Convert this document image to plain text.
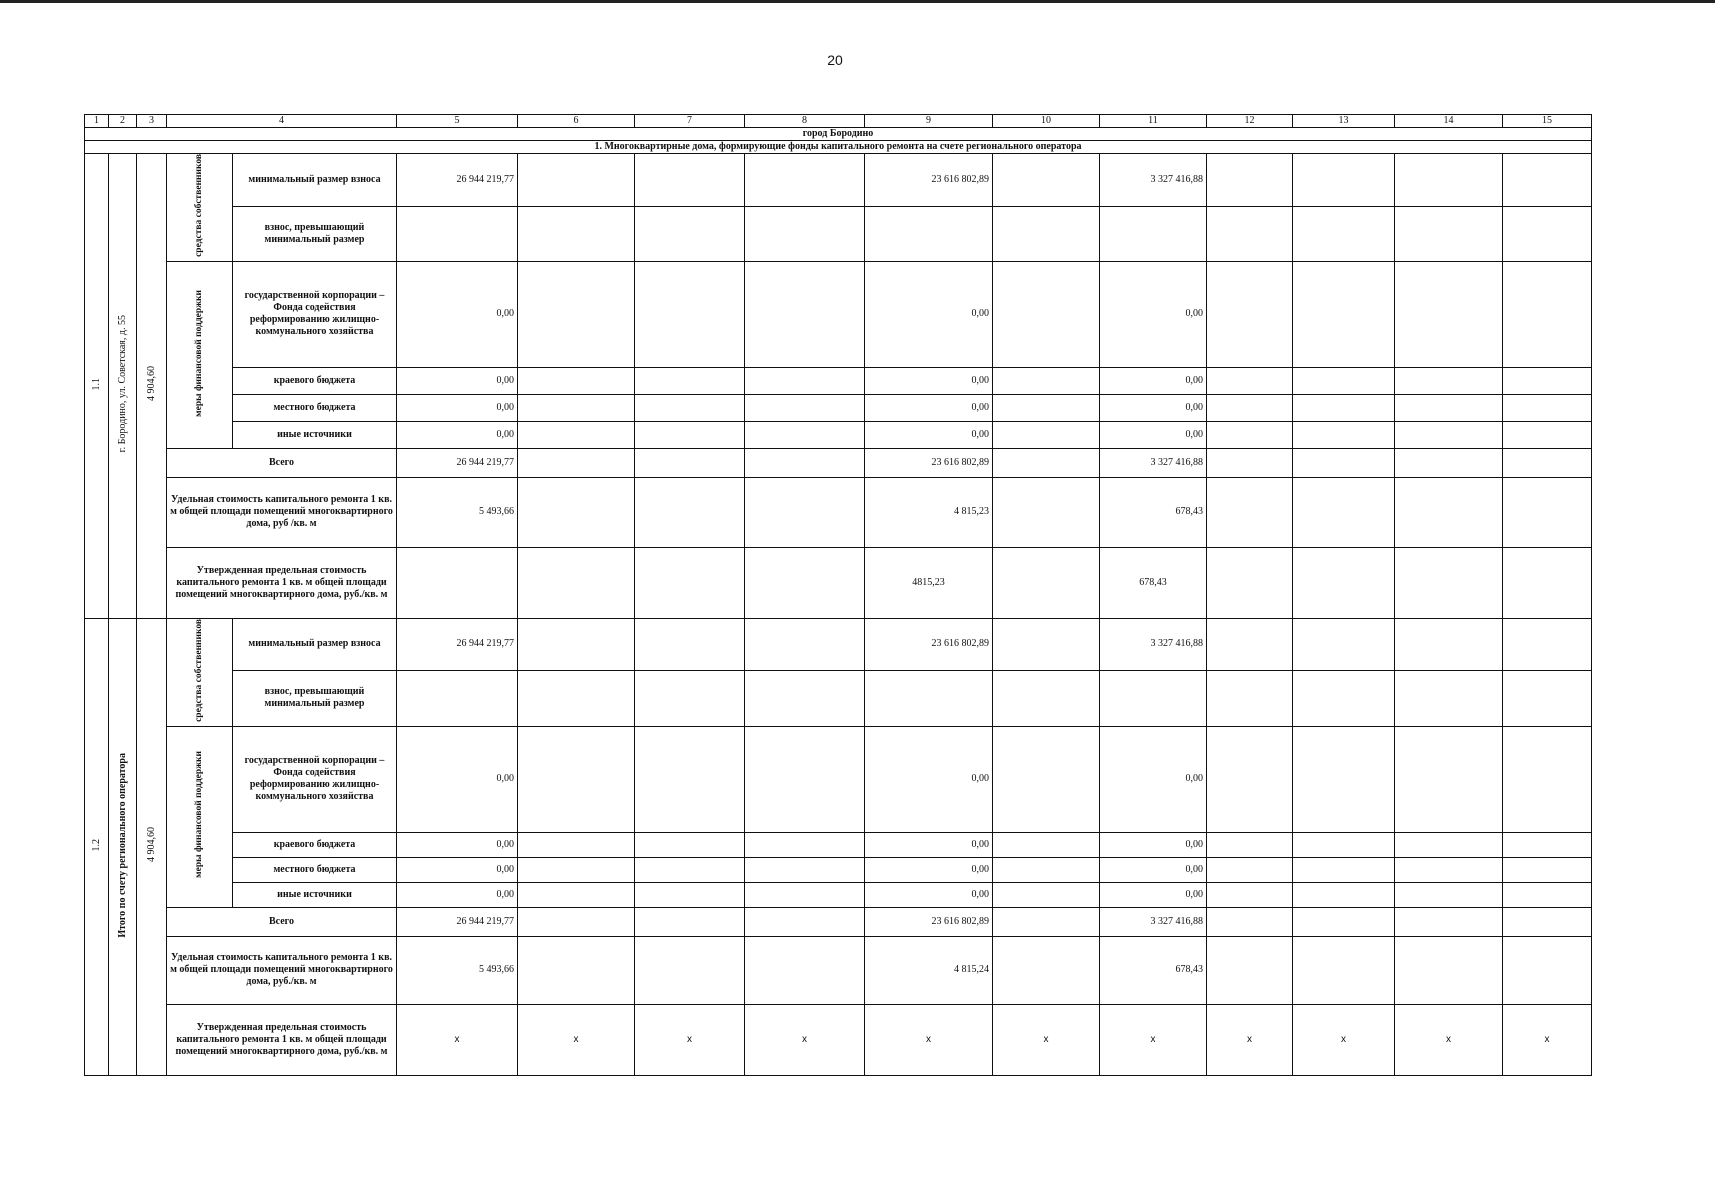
20
1	2	3	4		5	6	7	8	9	10	11	12	13	14	15
город Бородино															
1. Многоквартирные дома, формирующие фонды капитального ремонта на счете регионального оператора															
1.1	г. Бородино, ул. Советская, д. 55	4 904,60	средства собственников	минимальный размер взноса	26 944 219,77				23 616 802,89		3 327 416,88				
				взнос, превышающий минимальный размер											
			меры финансовой поддержки	государственной корпорации – Фонда содействия реформированию жилищно-коммунального хозяйства	0,00				0,00		0,00				
				краевого бюджета	0,00				0,00		0,00				
				местного бюджета	0,00				0,00		0,00				
				иные источники	0,00				0,00		0,00				
			Всего		26 944 219,77				23 616 802,89		3 327 416,88				
			Удельная стоимость капитального ремонта 1 кв. м общей площади помещений многоквартирного дома, руб /кв. м		5 493,66				4 815,23		678,43				
			Утвержденная предельная стоимость капитального ремонта 1 кв. м общей площади помещений многоквартирного дома, руб./кв. м						4815,23		678,43				
1.2	Итого по счету регионального оператора	4 904,60	средства собственников	минимальный размер взноса	26 944 219,77				23 616 802,89		3 327 416,88				
				взнос, превышающий минимальный размер											
			меры финансовой поддержки	государственной корпорации – Фонда содействия реформированию жилищно-коммунального хозяйства	0,00				0,00		0,00				
				краевого бюджета	0,00				0,00		0,00				
				местного бюджета	0,00				0,00		0,00				
				иные источники	0,00				0,00		0,00				
			Всего		26 944 219,77				23 616 802,89		3 327 416,88				
			Удельная стоимость капитального ремонта 1 кв. м общей площади помещений многоквартирного дома, руб./кв. м		5 493,66				4 815,24		678,43				
			Утвержденная предельная стоимость капитального ремонта 1 кв. м общей площади помещений многоквартирного дома, руб./кв. м		x	x	x	x	x	x	x	x	x	x	x
